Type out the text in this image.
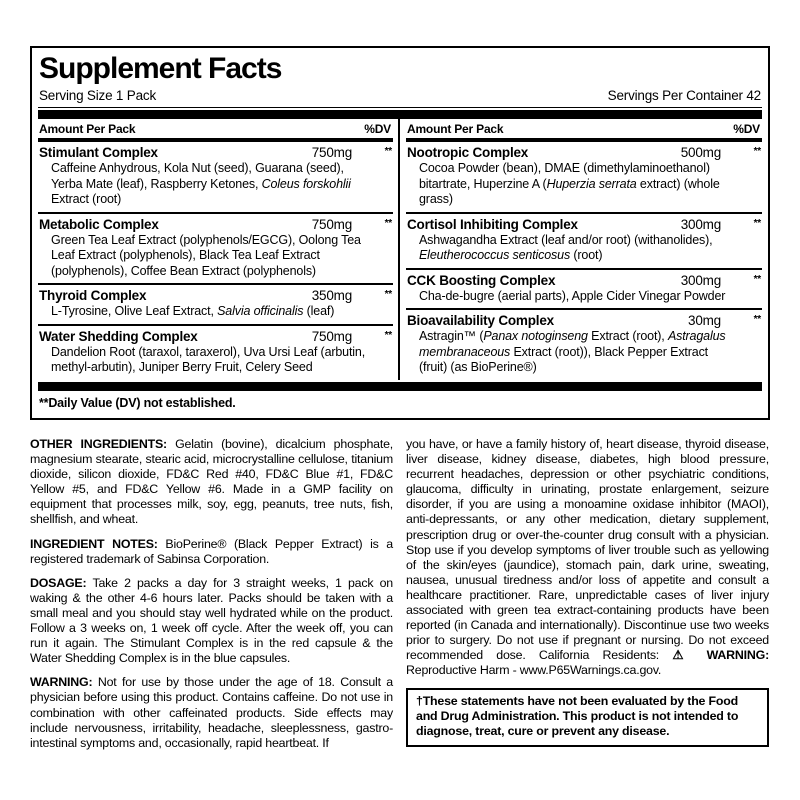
Supplement Facts
Serving Size 1 Pack	Servings Per Container 42
Amount Per Pack	%DV
Stimulant Complex	750mg	**
Caffeine Anhydrous, Kola Nut (seed), Guarana (seed), Yerba Mate (leaf), Raspberry Ketones, Coleus forskohlii Extract (root)
Metabolic Complex	750mg	**
Green Tea Leaf Extract (polyphenols/EGCG), Oolong Tea Leaf Extract (polyphenols), Black Tea Leaf Extract (polyphenols), Coffee Bean Extract (polyphenols)
Thyroid Complex	350mg	**
L-Tyrosine, Olive Leaf Extract, Salvia officinalis (leaf)
Water Shedding Complex	750mg	**
Dandelion Root (taraxol, taraxerol), Uva Ursi Leaf (arbutin, methyl-arbutin), Juniper Berry Fruit, Celery Seed
Amount Per Pack	%DV
Nootropic Complex	500mg	**
Cocoa Powder (bean), DMAE (dimethylaminoethanol) bitartrate, Huperzine A (Huperzia serrata extract) (whole grass)
Cortisol Inhibiting Complex	300mg	**
Ashwagandha Extract (leaf and/or root) (withanolides), Eleutherococcus senticosus (root)
CCK Boosting Complex	300mg	**
Cha-de-bugre (aerial parts), Apple Cider Vinegar Powder
Bioavailability Complex	30mg	**
Astragin™ (Panax notoginseng Extract (root), Astragalus membranaceous Extract (root)), Black Pepper Extract (fruit) (as BioPerine®)
**Daily Value (DV) not established.

OTHER INGREDIENTS: Gelatin (bovine), dicalcium phosphate, magnesium stearate, stearic acid, microcrystalline cellulose, titanium dioxide, silicon dioxide, FD&C Red #40, FD&C Blue #1, FD&C Yellow #5, and FD&C Yellow #6. Made in a GMP facility on equipment that processes milk, soy, egg, peanuts, tree nuts, fish, shellfish, and wheat.

INGREDIENT NOTES: BioPerine® (Black Pepper Extract) is a registered trademark of Sabinsa Corporation.

DOSAGE: Take 2 packs a day for 3 straight weeks, 1 pack on waking & the other 4-6 hours later. Packs should be taken with a small meal and you should stay well hydrated while on the product. Follow a 3 weeks on, 1 week off cycle. After the week off, you can run it again. The Stimulant Complex is in the red capsule & the Water Shedding Complex is in the blue capsules.

WARNING: Not for use by those under the age of 18. Consult a physician before using this product. Contains caffeine. Do not use in combination with other caffeinated products. Side effects may include nervousness, irritability, headache, sleeplessness, gastro-intestinal symptoms and, occasionally, rapid heartbeat. If

you have, or have a family history of, heart disease, thyroid disease, liver disease, kidney disease, diabetes, high blood pressure, recurrent headaches, depression or other psychiatric conditions, glaucoma, difficulty in urinating, prostate enlargement, seizure disorder, if you are using a monoamine oxidase inhibitor (MAOI), anti-depressants, or any other medication, dietary supplement, prescription drug or over-the-counter drug consult with a physician. Stop use if you develop symptoms of liver trouble such as yellowing of the skin/eyes (jaundice), stomach pain, dark urine, sweating, nausea, unusual tiredness and/or loss of appetite and consult a healthcare practitioner. Rare, unpredictable cases of liver injury associated with green tea extract-containing products have been reported (in Canada and internationally). Discontinue use two weeks prior to surgery. Do not use if pregnant or nursing. Do not exceed recommended dose. California Residents: ⚠ WARNING: Reproductive Harm - www.P65Warnings.ca.gov.

†These statements have not been evaluated by the Food and Drug Administration. This product is not intended to diagnose, treat, cure or prevent any disease.
